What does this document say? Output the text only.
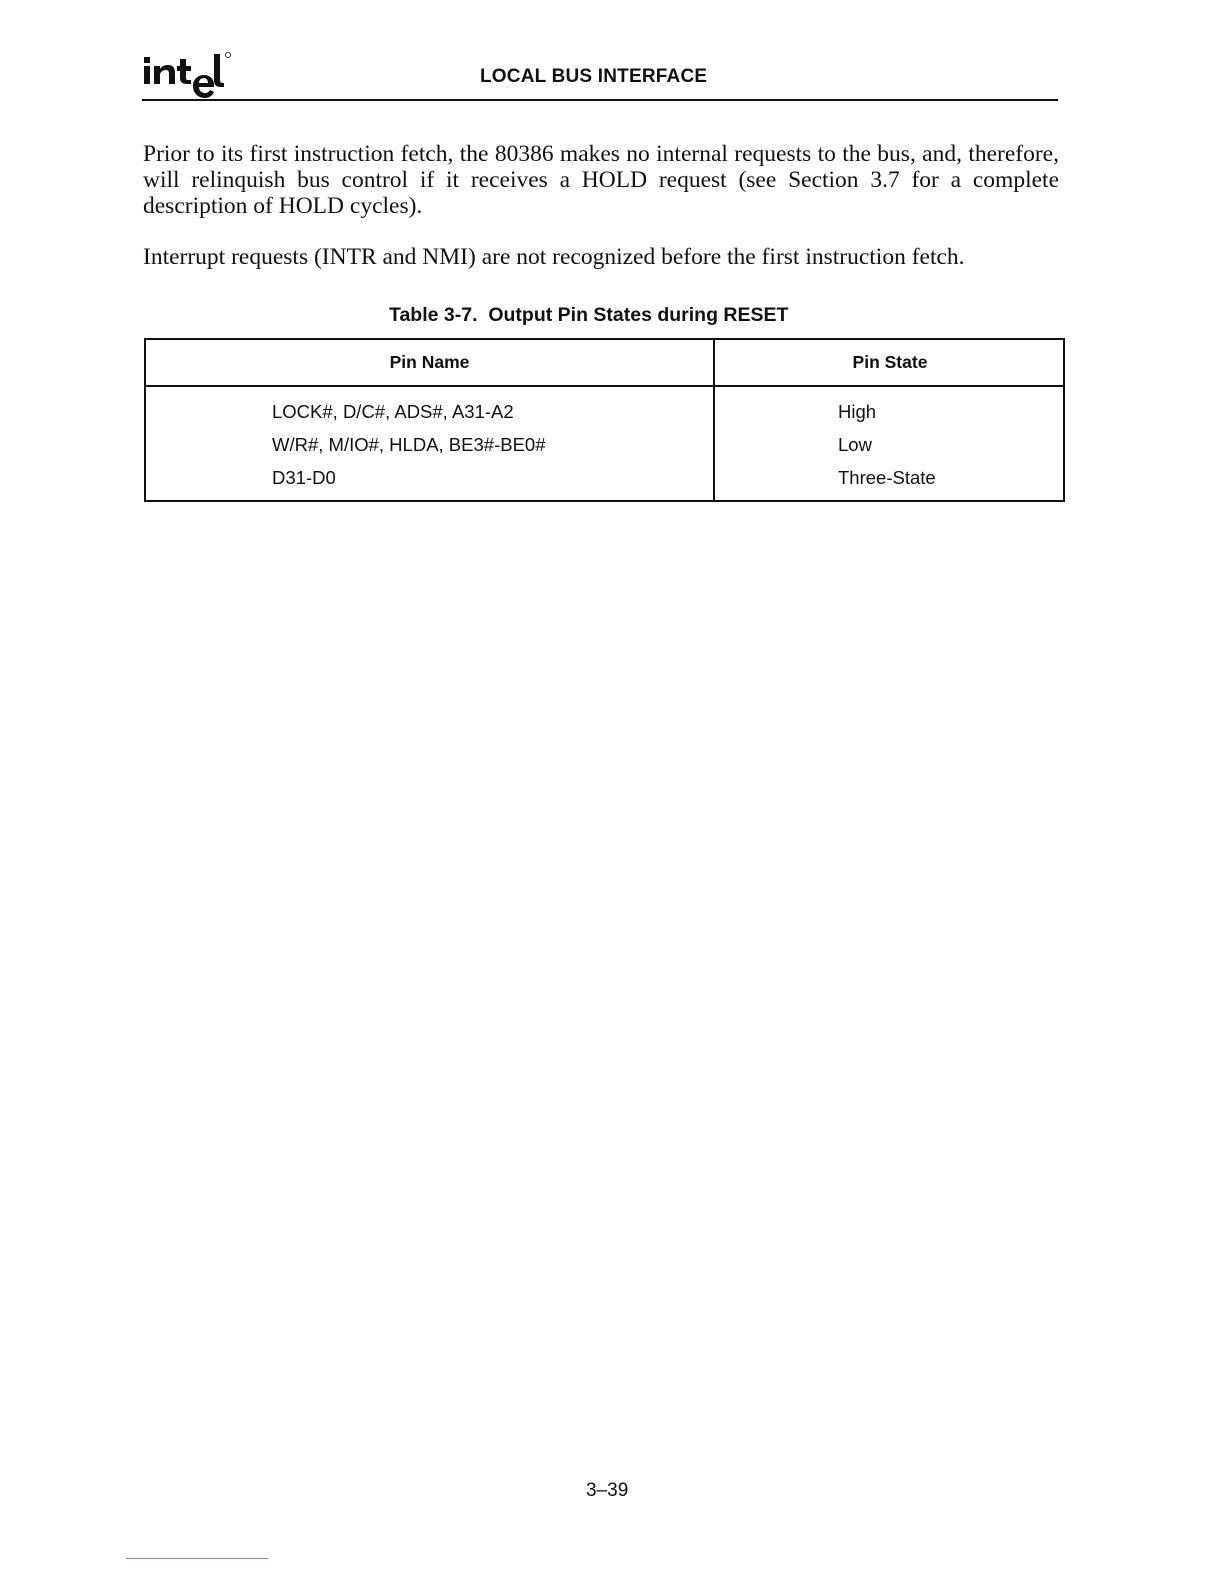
LOCAL BUS INTERFACE

Prior to its first instruction fetch, the 80386 makes no internal requests to the bus, and, therefore, will relinquish bus control if it receives a HOLD request (see Section 3.7 for a complete description of HOLD cycles).

Interrupt requests (INTR and NMI) are not recognized before the first instruction fetch.

Table 3-7.  Output Pin States during RESET
Pin Name	Pin State
LOCK#, D/C#, ADS#, A31-A2	High
W/R#, M/IO#, HLDA, BE3#-BE0#	Low
D31-D0	Three-State
3–39
